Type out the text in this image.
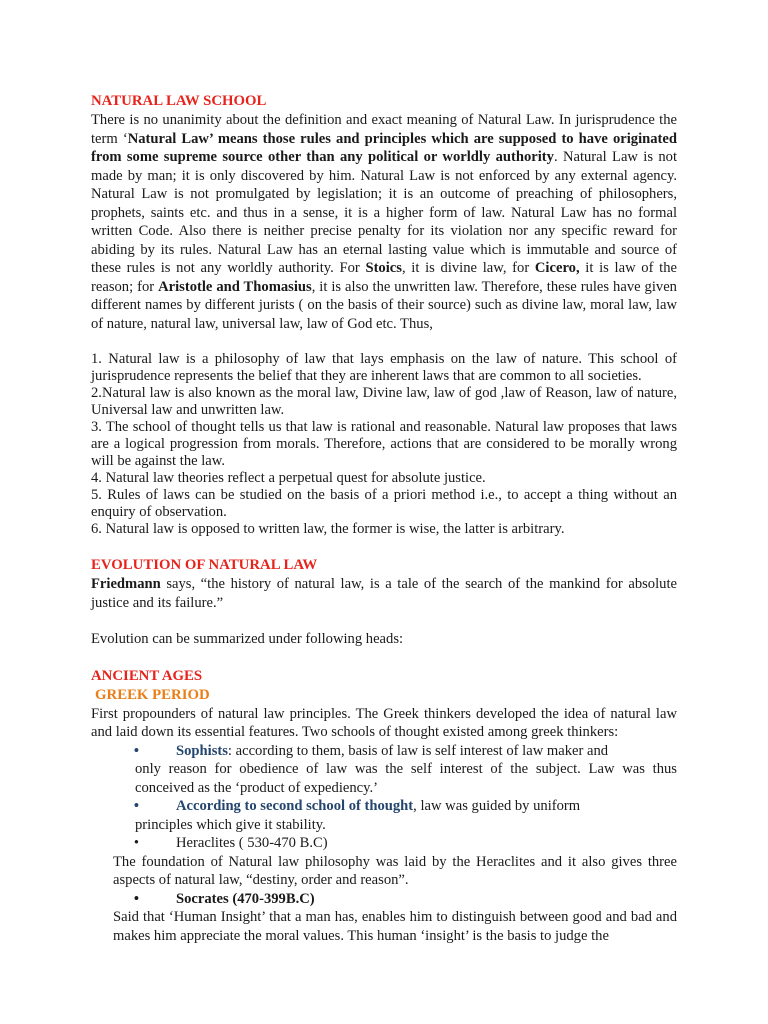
NATURAL LAW SCHOOL

There is no unanimity about the definition and exact meaning of Natural Law. In jurisprudence the term ‘Natural Law’ means those rules and principles which are supposed to have originated from some supreme source other than any political or worldly authority. Natural Law is not made by man; it is only discovered by him. Natural Law is not enforced by any external agency. Natural Law is not promulgated by legislation; it is an outcome of preaching of philosophers, prophets, saints etc. and thus in a sense, it is a higher form of law. Natural Law has no formal written Code. Also there is neither precise penalty for its violation nor any specific reward for abiding by its rules. Natural Law has an eternal lasting value which is immutable and source of these rules is not any worldly authority. For Stoics, it is divine law, for Cicero, it is law of the reason; for Aristotle and Thomasius, it is also the unwritten law. Therefore, these rules have given different names by different jurists ( on the basis of their source) such as divine law, moral law, law of nature, natural law, universal law, law of God etc. Thus,

1. Natural law is a philosophy of law that lays emphasis on the law of nature. This school of jurisprudence represents the belief that they are inherent laws that are common to all societies.

2.Natural law is also known as the moral law, Divine law, law of god ,law of Reason, law of nature, Universal law and unwritten law.

3. The school of thought tells us that law is rational and reasonable. Natural law proposes that laws are a logical progression from morals. Therefore, actions that are considered to be morally wrong will be against the law.

4. Natural law theories reflect a perpetual quest for absolute justice.

5. Rules of laws can be studied on the basis of a priori method i.e., to accept a thing without an enquiry of observation.

6. Natural law is opposed to written law, the former is wise, the latter is arbitrary.

EVOLUTION OF NATURAL LAW

Friedmann says, “the history of natural law, is a tale of the search of the mankind for absolute justice and its failure.”

Evolution can be summarized under following heads:

ANCIENT AGES
GREEK PERIOD

First propounders of natural law principles. The Greek thinkers developed the idea of natural law and laid down its essential features. Two schools of thought existed among greek thinkers:

•	Sophists: according to them, basis of law is self interest of law maker and

only reason for obedience of law was the self interest of the subject. Law was thus conceived as the ‘product of expediency.’

•	According to second school of thought, law was guided by uniform

principles which give it stability.

•	Heraclites ( 530-470 B.C)

The foundation of Natural law philosophy was laid by the Heraclites and it also gives three aspects of natural law, “destiny, order and reason”.

•	Socrates (470-399B.C)

Said that ‘Human Insight’ that a man has, enables him to distinguish between good and bad and makes him appreciate the moral values. This human ‘insight’ is the basis to judge the
